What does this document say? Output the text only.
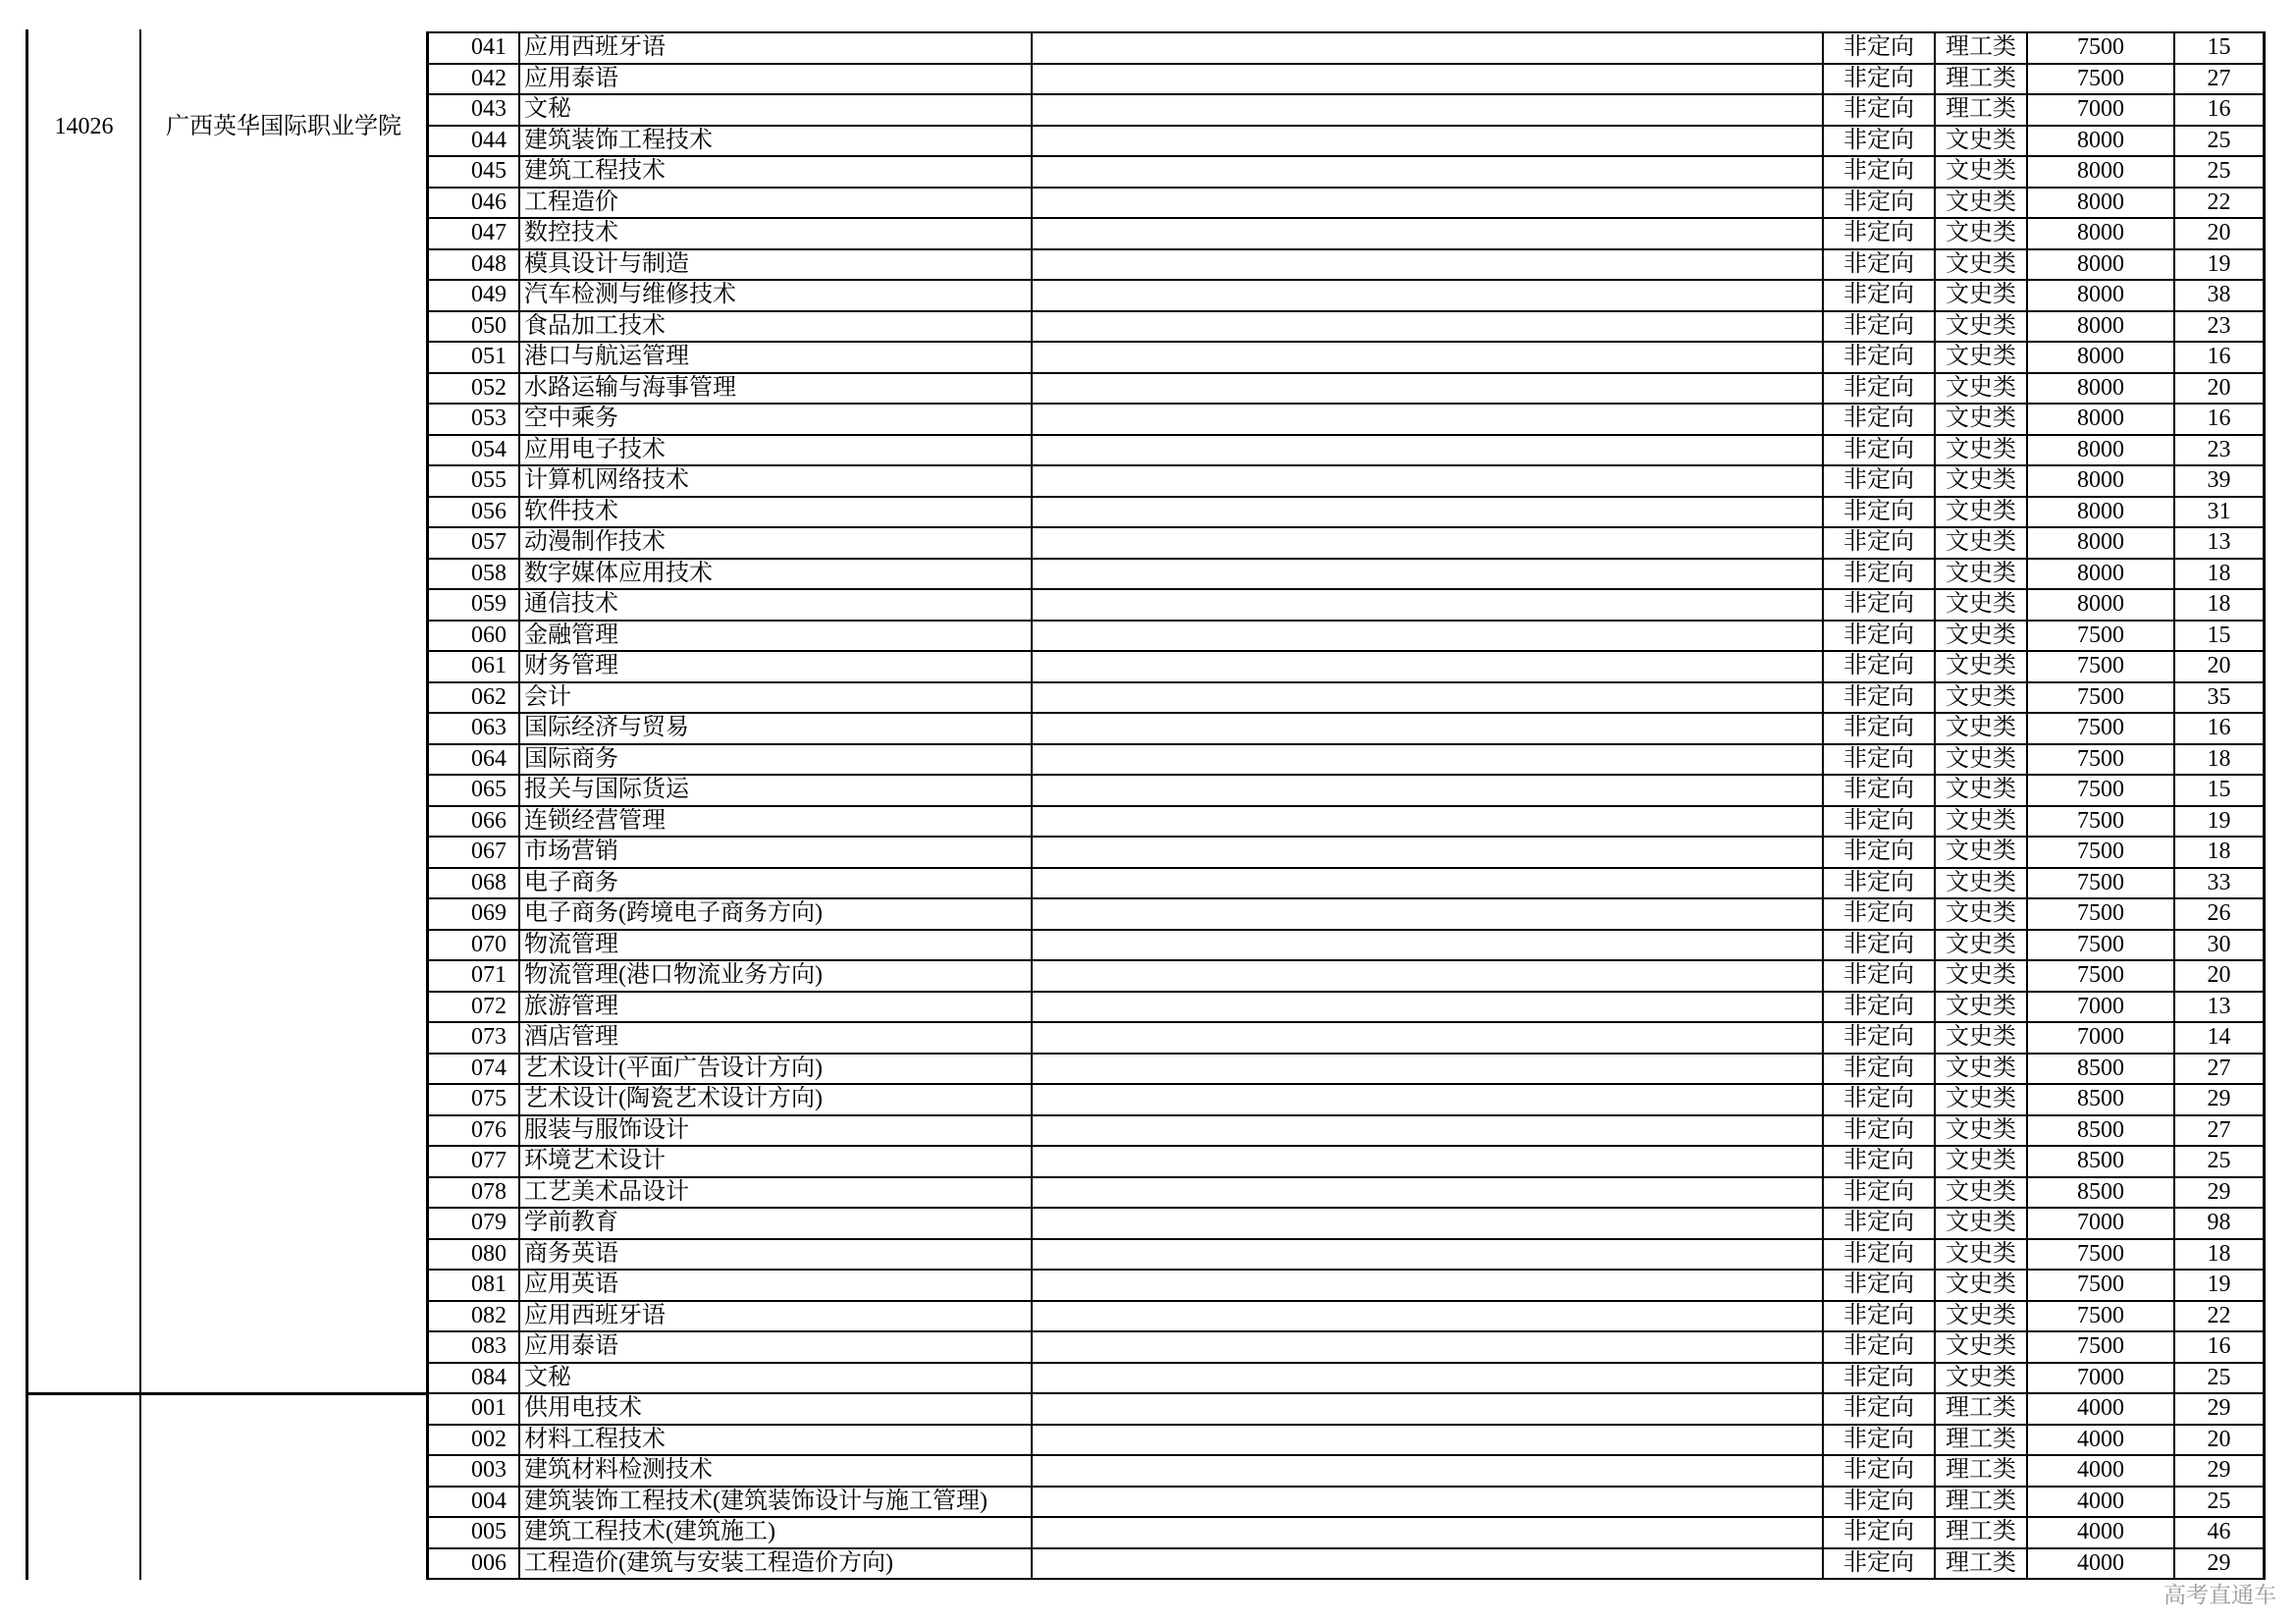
14026	广西英华国际职业学院
041 应用西班牙语	非定向	理工类	7500	15
042 应用泰语	非定向	理工类	7500	27
043 文秘	非定向	理工类	7000	16
044 建筑装饰工程技术	非定向	文史类	8000	25
045 建筑工程技术	非定向	文史类	8000	25
046 工程造价	非定向	文史类	8000	22
047 数控技术	非定向	文史类	8000	20
048 模具设计与制造	非定向	文史类	8000	19
049 汽车检测与维修技术	非定向	文史类	8000	38
050 食品加工技术	非定向	文史类	8000	23
051 港口与航运管理	非定向	文史类	8000	16
052 水路运输与海事管理	非定向	文史类	8000	20
053 空中乘务	非定向	文史类	8000	16
054 应用电子技术	非定向	文史类	8000	23
055 计算机网络技术	非定向	文史类	8000	39
056 软件技术	非定向	文史类	8000	31
057 动漫制作技术	非定向	文史类	8000	13
058 数字媒体应用技术	非定向	文史类	8000	18
059 通信技术	非定向	文史类	8000	18
060 金融管理	非定向	文史类	7500	15
061 财务管理	非定向	文史类	7500	20
062 会计	非定向	文史类	7500	35
063 国际经济与贸易	非定向	文史类	7500	16
064 国际商务	非定向	文史类	7500	18
065 报关与国际货运	非定向	文史类	7500	15
066 连锁经营管理	非定向	文史类	7500	19
067 市场营销	非定向	文史类	7500	18
068 电子商务	非定向	文史类	7500	33
069 电子商务(跨境电子商务方向)	非定向	文史类	7500	26
070 物流管理	非定向	文史类	7500	30
071 物流管理(港口物流业务方向)	非定向	文史类	7500	20
072 旅游管理	非定向	文史类	7000	13
073 酒店管理	非定向	文史类	7000	14
074 艺术设计(平面广告设计方向)	非定向	文史类	8500	27
075 艺术设计(陶瓷艺术设计方向)	非定向	文史类	8500	29
076 服装与服饰设计	非定向	文史类	8500	27
077 环境艺术设计	非定向	文史类	8500	25
078 工艺美术品设计	非定向	文史类	8500	29
079 学前教育	非定向	文史类	7000	98
080 商务英语	非定向	文史类	7500	18
081 应用英语	非定向	文史类	7500	19
082 应用西班牙语	非定向	文史类	7500	22
083 应用泰语	非定向	文史类	7500	16
084 文秘	非定向	文史类	7000	25
001 供用电技术	非定向	理工类	4000	29
002 材料工程技术	非定向	理工类	4000	20
003 建筑材料检测技术	非定向	理工类	4000	29
004 建筑装饰工程技术(建筑装饰设计与施工管理)	非定向	理工类	4000	25
005 建筑工程技术(建筑施工)	非定向	理工类	4000	46
006 工程造价(建筑与安装工程造价方向)	非定向	理工类	4000	29
高考直通车
